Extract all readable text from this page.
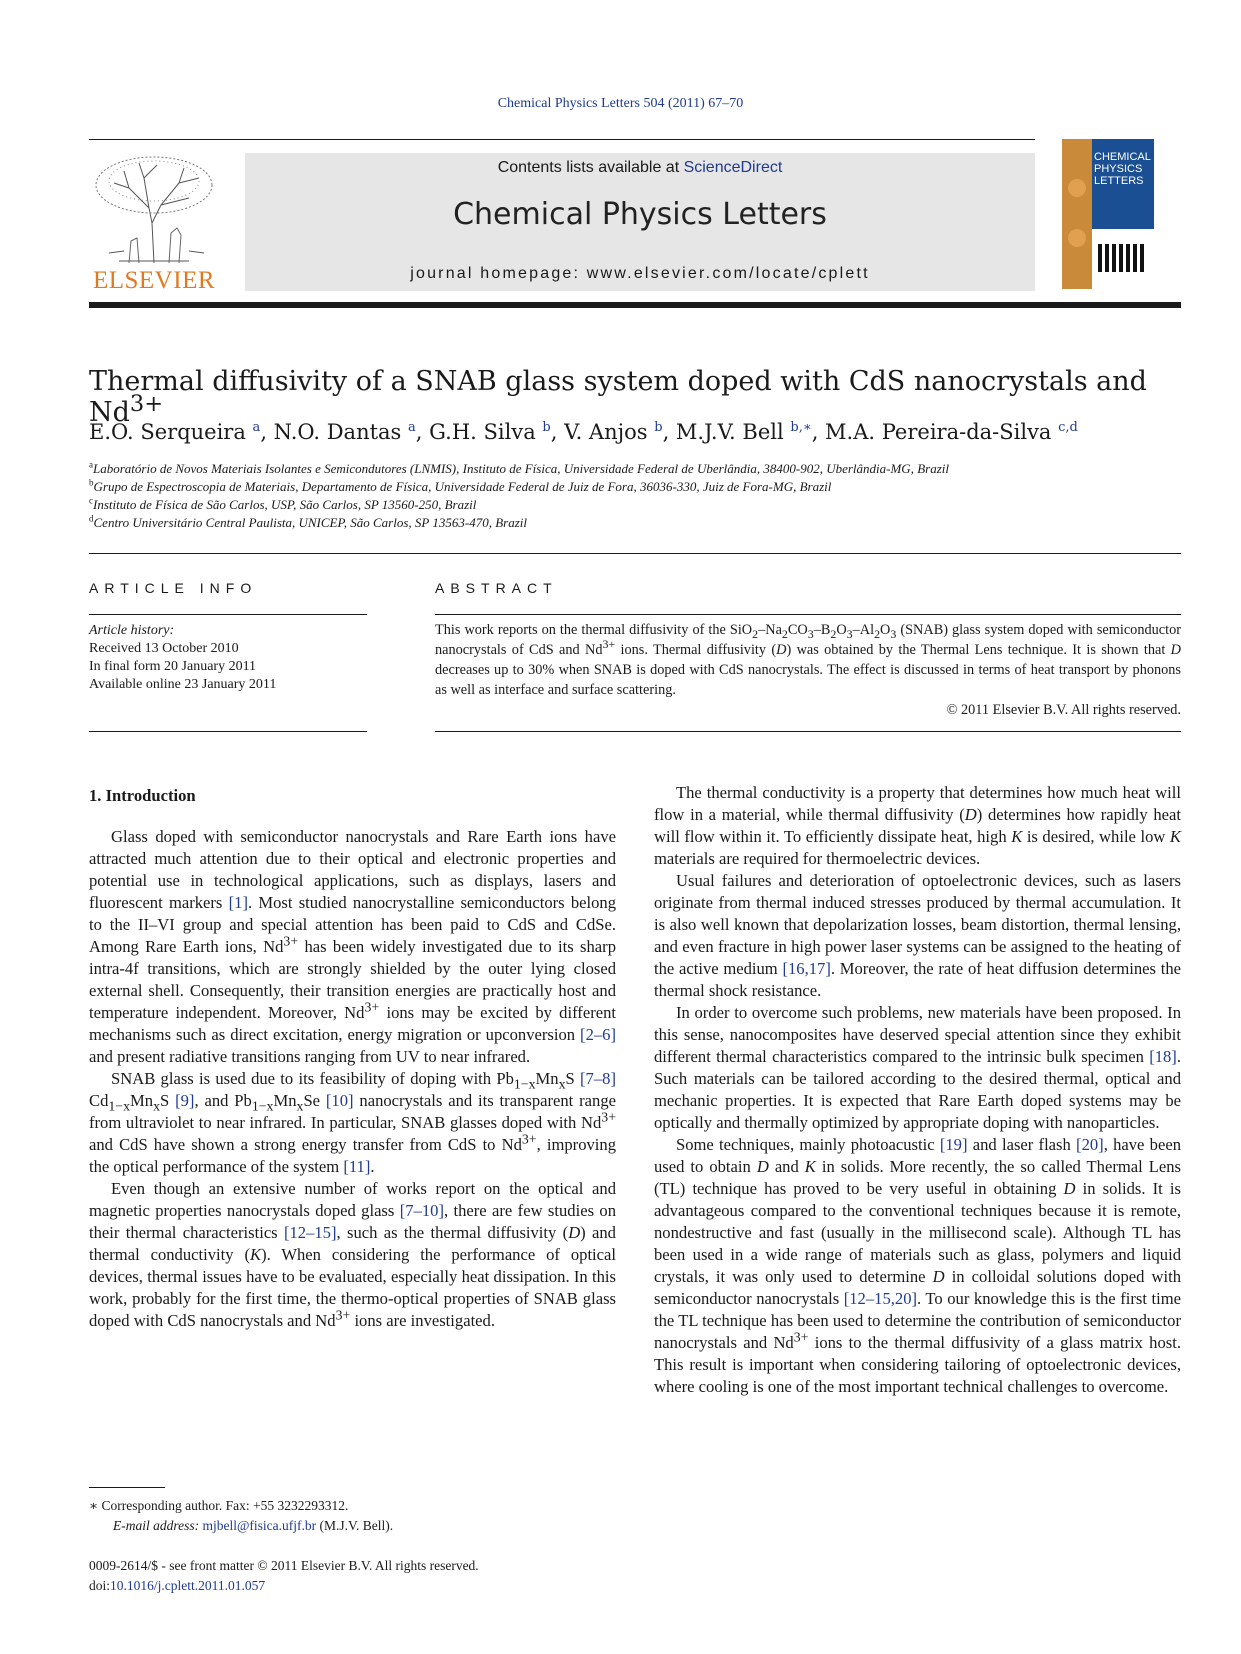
Chemical Physics Letters 504 (2011) 67–70
ELSEVIER
Contents lists available at ScienceDirect
Chemical Physics Letters
journal homepage: www.elsevier.com/locate/cplett
CHEMICAL PHYSICS LETTERS
Thermal diffusivity of a SNAB glass system doped with CdS nanocrystals and $Nd^{3+}$
E.O. Serqueira $^a$, N.O. Dantas $^a$, G.H. Silva $^b$, V. Anjos $^b$, M.J.V. Bell $^{b,∗}$, M.A. Pereira-da-Silva $^{c,d}$
$^a$Laboratório de Novos Materiais Isolantes e Semicondutores (LNMIS), Instituto de Física, Universidade Federal de Uberlândia, 38400-902, Uberlândia-MG, Brazil
$^b$Grupo de Espectroscopia de Materiais, Departamento de Física, Universidade Federal de Juiz de Fora, 36036-330, Juiz de Fora-MG, Brazil
$^c$Instituto de Física de São Carlos, USP, São Carlos, SP 13560-250, Brazil
$^d$Centro Universitário Central Paulista, UNICEP, São Carlos, SP 13563-470, Brazil
ARTICLE INFO
Article history:
Received 13 October 2010
In final form 20 January 2011
Available online 23 January 2011
ABSTRACT
This work reports on the thermal diffusivity of the $SiO_2-Na_2CO_3-B_2O_3-Al_2O_3$ (SNAB) glass system doped with semiconductor nanocrystals of CdS and $Nd^{3+}$ ions. Thermal diffusivity (D) was obtained by the Thermal Lens technique. It is shown that D decreases up to 30% when SNAB is doped with CdS nanocrystals. The effect is discussed in terms of heat transport by phonons as well as interface and surface scattering.
© 2011 Elsevier B.V. All rights reserved.
1. Introduction

Glass doped with semiconductor nanocrystals and Rare Earth ions have attracted much attention due to their optical and electronic properties and potential use in technological applications, such as displays, lasers and fluorescent markers [1]. Most studied nanocrystalline semiconductors belong to the II–VI group and special attention has been paid to CdS and CdSe. Among Rare Earth ions, $Nd^{3+}$ has been widely investigated due to its sharp intra-4f transitions, which are strongly shielded by the outer lying closed external shell. Consequently, their transition energies are practically host and temperature independent. Moreover, $Nd^{3+}$ ions may be excited by different mechanisms such as direct excitation, energy migration or upconversion [2–6] and present radiative transitions ranging from UV to near infrared.

SNAB glass is used due to its feasibility of doping with $Pb_{1-x}Mn_xS$ [7–8] $Cd_{1-x}Mn_xS$ [9], and $Pb_{1-x}Mn_xSe$ [10] nanocrystals and its transparent range from ultraviolet to near infrared. In particular, SNAB glasses doped with $Nd^{3+}$ and CdS have shown a strong energy transfer from CdS to $Nd^{3+}$, improving the optical performance of the system [11].

Even though an extensive number of works report on the optical and magnetic properties nanocrystals doped glass [7–10], there are few studies on their thermal characteristics [12–15], such as the thermal diffusivity (D) and thermal conductivity (K). When considering the performance of optical devices, thermal issues have to be evaluated, especially heat dissipation. In this work, probably for the first time, the thermo-optical properties of SNAB glass doped with CdS nanocrystals and $Nd^{3+}$ ions are investigated.

The thermal conductivity is a property that determines how much heat will flow in a material, while thermal diffusivity (D) determines how rapidly heat will flow within it. To efficiently dissipate heat, high K is desired, while low K materials are required for thermoelectric devices.

Usual failures and deterioration of optoelectronic devices, such as lasers originate from thermal induced stresses produced by thermal accumulation. It is also well known that depolarization losses, beam distortion, thermal lensing, and even fracture in high power laser systems can be assigned to the heating of the active medium [16,17]. Moreover, the rate of heat diffusion determines the thermal shock resistance.

In order to overcome such problems, new materials have been proposed. In this sense, nanocomposites have deserved special attention since they exhibit different thermal characteristics compared to the intrinsic bulk specimen [18]. Such materials can be tailored according to the desired thermal, optical and mechanic properties. It is expected that Rare Earth doped systems may be optically and thermally optimized by appropriate doping with nanoparticles.

Some techniques, mainly photoacustic [19] and laser flash [20], have been used to obtain D and K in solids. More recently, the so called Thermal Lens (TL) technique has proved to be very useful in obtaining D in solids. It is advantageous compared to the conventional techniques because it is remote, nondestructive and fast (usually in the millisecond scale). Although TL has been used in a wide range of materials such as glass, polymers and liquid crystals, it was only used to determine D in colloidal solutions doped with semiconductor nanocrystals [12–15,20]. To our knowledge this is the first time the TL technique has been used to determine the contribution of semiconductor nanocrystals and $Nd^{3+}$ ions to the thermal diffusivity of a glass matrix host. This result is important when considering tailoring of optoelectronic devices, where cooling is one of the most important technical challenges to overcome.

∗ Corresponding author. Fax: +55 3232293312.
E-mail address: mjbell@fisica.ufjf.br (M.J.V. Bell).
0009-2614/$ - see front matter © 2011 Elsevier B.V. All rights reserved.
doi:10.1016/j.cplett.2011.01.057
